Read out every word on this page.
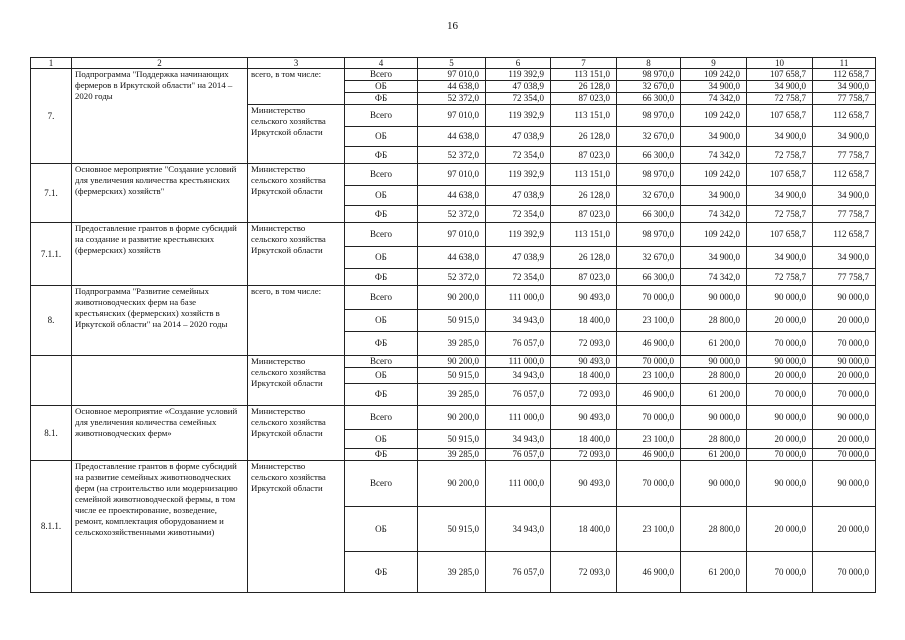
16
1	2	3	4	5	6	7	8	9	10	11
7.	Подпрограмма "Поддержка начинающих фермеров в Иркутской области" на 2014 – 2020 годы	всего, в том числе:	Всего	97 010,0	119 392,9	113 151,0	98 970,0	109 242,0	107 658,7	112 658,7
			ОБ	44 638,0	47 038,9	26 128,0	32 670,0	34 900,0	34 900,0	34 900,0
			ФБ	52 372,0	72 354,0	87 023,0	66 300,0	74 342,0	72 758,7	77 758,7
		Министерство сельского хозяйства Иркутской области	Всего	97 010,0	119 392,9	113 151,0	98 970,0	109 242,0	107 658,7	112 658,7
			ОБ	44 638,0	47 038,9	26 128,0	32 670,0	34 900,0	34 900,0	34 900,0
			ФБ	52 372,0	72 354,0	87 023,0	66 300,0	74 342,0	72 758,7	77 758,7
7.1.	Основное мероприятие "Создание условий для увеличения количества крестьянских (фермерских) хозяйств"	Министерство сельского хозяйства Иркутской области	Всего	97 010,0	119 392,9	113 151,0	98 970,0	109 242,0	107 658,7	112 658,7
			ОБ	44 638,0	47 038,9	26 128,0	32 670,0	34 900,0	34 900,0	34 900,0
			ФБ	52 372,0	72 354,0	87 023,0	66 300,0	74 342,0	72 758,7	77 758,7
7.1.1.	Предоставление грантов в форме субсидий на создание и развитие крестьянских (фермерских) хозяйств	Министерство сельского хозяйства Иркутской области	Всего	97 010,0	119 392,9	113 151,0	98 970,0	109 242,0	107 658,7	112 658,7
			ОБ	44 638,0	47 038,9	26 128,0	32 670,0	34 900,0	34 900,0	34 900,0
			ФБ	52 372,0	72 354,0	87 023,0	66 300,0	74 342,0	72 758,7	77 758,7
8.	Подпрограмма "Развитие семейных животноводческих ферм на базе крестьянских (фермерских) хозяйств в Иркутской области" на 2014 – 2020 годы	всего, в том числе:	Всего	90 200,0	111 000,0	90 493,0	70 000,0	90 000,0	90 000,0	90 000,0
			ОБ	50 915,0	34 943,0	18 400,0	23 100,0	28 800,0	20 000,0	20 000,0
			ФБ	39 285,0	76 057,0	72 093,0	46 900,0	61 200,0	70 000,0	70 000,0
		Министерство сельского хозяйства Иркутской области	Всего	90 200,0	111 000,0	90 493,0	70 000,0	90 000,0	90 000,0	90 000,0
			ОБ	50 915,0	34 943,0	18 400,0	23 100,0	28 800,0	20 000,0	20 000,0
			ФБ	39 285,0	76 057,0	72 093,0	46 900,0	61 200,0	70 000,0	70 000,0
8.1.	Основное мероприятие «Создание условий для увеличения количества семейных животноводческих ферм»	Министерство сельского хозяйства Иркутской области	Всего	90 200,0	111 000,0	90 493,0	70 000,0	90 000,0	90 000,0	90 000,0
			ОБ	50 915,0	34 943,0	18 400,0	23 100,0	28 800,0	20 000,0	20 000,0
			ФБ	39 285,0	76 057,0	72 093,0	46 900,0	61 200,0	70 000,0	70 000,0
8.1.1.	Предоставление грантов в форме субсидий на развитие семейных животноводческих ферм (на строительство или модернизацию семейной животноводческой фермы, в том числе ее проектирование, возведение, ремонт, комплектация оборудованием и сельскохозяйственными животными)	Министерство сельского хозяйства Иркутской области	Всего	90 200,0	111 000,0	90 493,0	70 000,0	90 000,0	90 000,0	90 000,0
			ОБ	50 915,0	34 943,0	18 400,0	23 100,0	28 800,0	20 000,0	20 000,0
			ФБ	39 285,0	76 057,0	72 093,0	46 900,0	61 200,0	70 000,0	70 000,0
